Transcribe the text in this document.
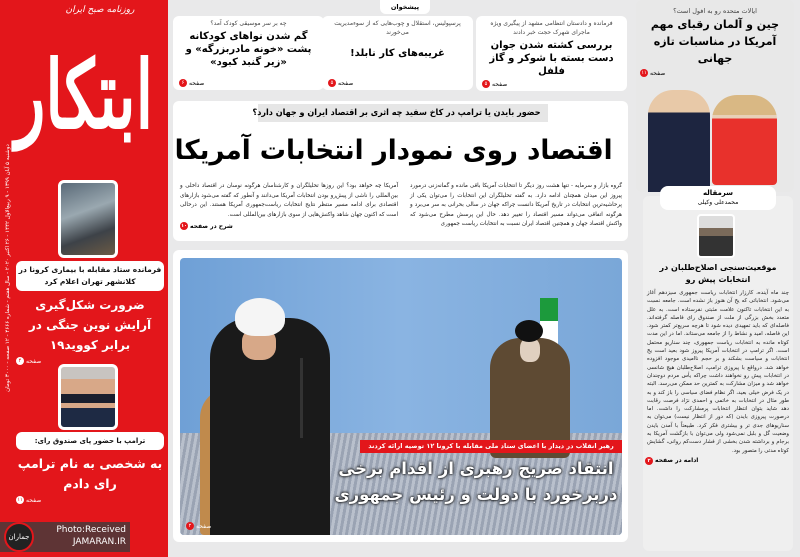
روزنامه صبح ایران
ابتکار
دوشنبه ۵ آبان ۱۳۹۹ - ۹ ربیع‌الاول ۱۴۴۲ - ۲۶ اکتبر ۲۰۲۰ - سال هفتم - شماره ۴۶۶۶ - ۱۲ صفحه - ۳۰۰۰ تومان
فرمانده ستاد مقابله با بیماری کرونا در کلانشهر تهران اعلام کرد
ضرورت شکل‌گیری آرایش نوین جنگی در برابر کووید۱۹
صفحه
۴
ترامپ با حضور پای صندوق رای:
به شخصی به نام ترامپ رای دادم
صفحه
۱۱
Photo:Received
JAMARAN.IR
جماران
پیشخوان
فرمانده و دادستان انتظامی مشهد از پیگیری ویژه ماجرای شهرک حجت خبر دادند
بررسی کشته شدن جوان دست بسته با شوکر و گاز فلفل
صفحه
۵
پرسپولیس، استقلال و چوب‌هایی که از سوءمدیریت می‌خورند
غریبه‌های کار نابلد!
صفحه
۵
چه بر سر موسیقی کودک آمد؟
گم شدن نواهای کودکانه پشت «خونه مادربزرگه» و «زیر گنبد کبود»
صفحه
۶
حضور بایدن یا ترامپ در کاخ سفید چه اثری بر اقتصاد ایران و جهان دارد؟
اقتصاد روی نمودار انتخابات آمریکا
گروه بازار و سرمایه - تنها هشت روز دیگر تا انتخابات آمریکا باقی مانده و گمانه‌زنی درمورد پیروز این میدان همچنان ادامه دارد. به گفته تحلیلگران این انتخابات را می‌توان یکی از پرحاشیه‌ترین انتخابات در تاریخ آمریکا دانست چراکه جهان در سالی بحرانی به سر می‌برد و هرگونه اتفاقی می‌تواند مسیر اقتصاد را تغییر دهد. حال این پرسش مطرح می‌شود که واکنش اقتصاد جهان و همچنین اقتصاد ایران نسبت به انتخابات ریاست جمهوری
آمریکا چه خواهد بود؟ این روزها تحلیلگران و کارشناسان هرگونه نوسان در اقتصاد داخلی و بین‌المللی را ناشی از پیش‌رو بودن انتخابات آمریکا می‌دانند و آنطور که گفته می‌شود بازارهای اقتصادی برای ادامه مسیر منتظر نتایج انتخابات ریاست‌جمهوری آمریکا هستند. این درحالی است که اکنون جهان شاهد واکنش‌هایی از سوی بازارهای بین‌المللی است.
شرح در صفحه
۱۰
رهبر انقلاب در دیدار با اعضای ستاد ملی مقابله با کرونا ۱۲ توصیه ارائه کردند
انتقاد صریح رهبری از اقدام برخی دربرخورد با دولت و رئیس جمهوری
صفحه
۲
ایالات متحده رو به افول است؟
چین و آلمان رقبای مهم آمریکا در مناسبات تازه جهانی
صفحه
۱۱
سرمقاله
محمدعلی وکیلی
موقعیت‌سنجی اصلاح‌طلبان در انتخابات پیش رو
چند ماه آینده، کارزار انتخابات ریاست جمهوری سیزدهم آغاز می‌شود. انتخاباتی که یخ آن هنوز باز نشده است. جامعه نسبت به این انتخابات تاکنون علامت مثبتی نفرستاده است. به علل متعدد بخش بزرگی از ملت از صندوق رای فاصله گرفته‌اند. فاصله‌ای که باید تمهیدی دیده شود تا هرچه سریع‌تر کمتر شود. این فاصله، امید و نشاط را از جامعه می‌ستاند. اما در این مدت کوتاه مانده به انتخابات ریاست جمهوری، چند سناریو محتمل است. اگر ترامپ در انتخابات آمریکا پیروز شود بعید است یخ انتخابات و سیاست بشکند و بر حجم ناامیدی موجود افزوده خواهد شد. درواقع با پیروزی ترامپ، اصلاح‌طلبان هیچ شانسی در انتخابات پیش رو نخواهند داشت چراکه یأس مردم دوچندان خواهد شد و میزان مشارکت به کمترین حد ممکن می‌رسد. البته در یک فرض خیلی بعید، اگر نظام فضای سیاسی را باز کند و به طور مثال در انتخابات به خاتمی و احمدی نژاد فرصت رقابت دهد شاید بتوان انتظار انتخابات پرمشارکت را داشت. اما درصورت پیروزی بایدن (که دور از انتظار نیست) می‌توان به سناریوهای جدی تر و بیشتری فکر کرد. طبیعتاً با آمدن بایدن وضعیت گل و بلبل نمی‌شود ولی می‌توان با بازگشت آمریکا به برجام و برداشته شدن بخشی از فشار دست‌کم روانی، گشایش کوتاه مدتی را متصور بود.
ادامه در صفحه
۲
